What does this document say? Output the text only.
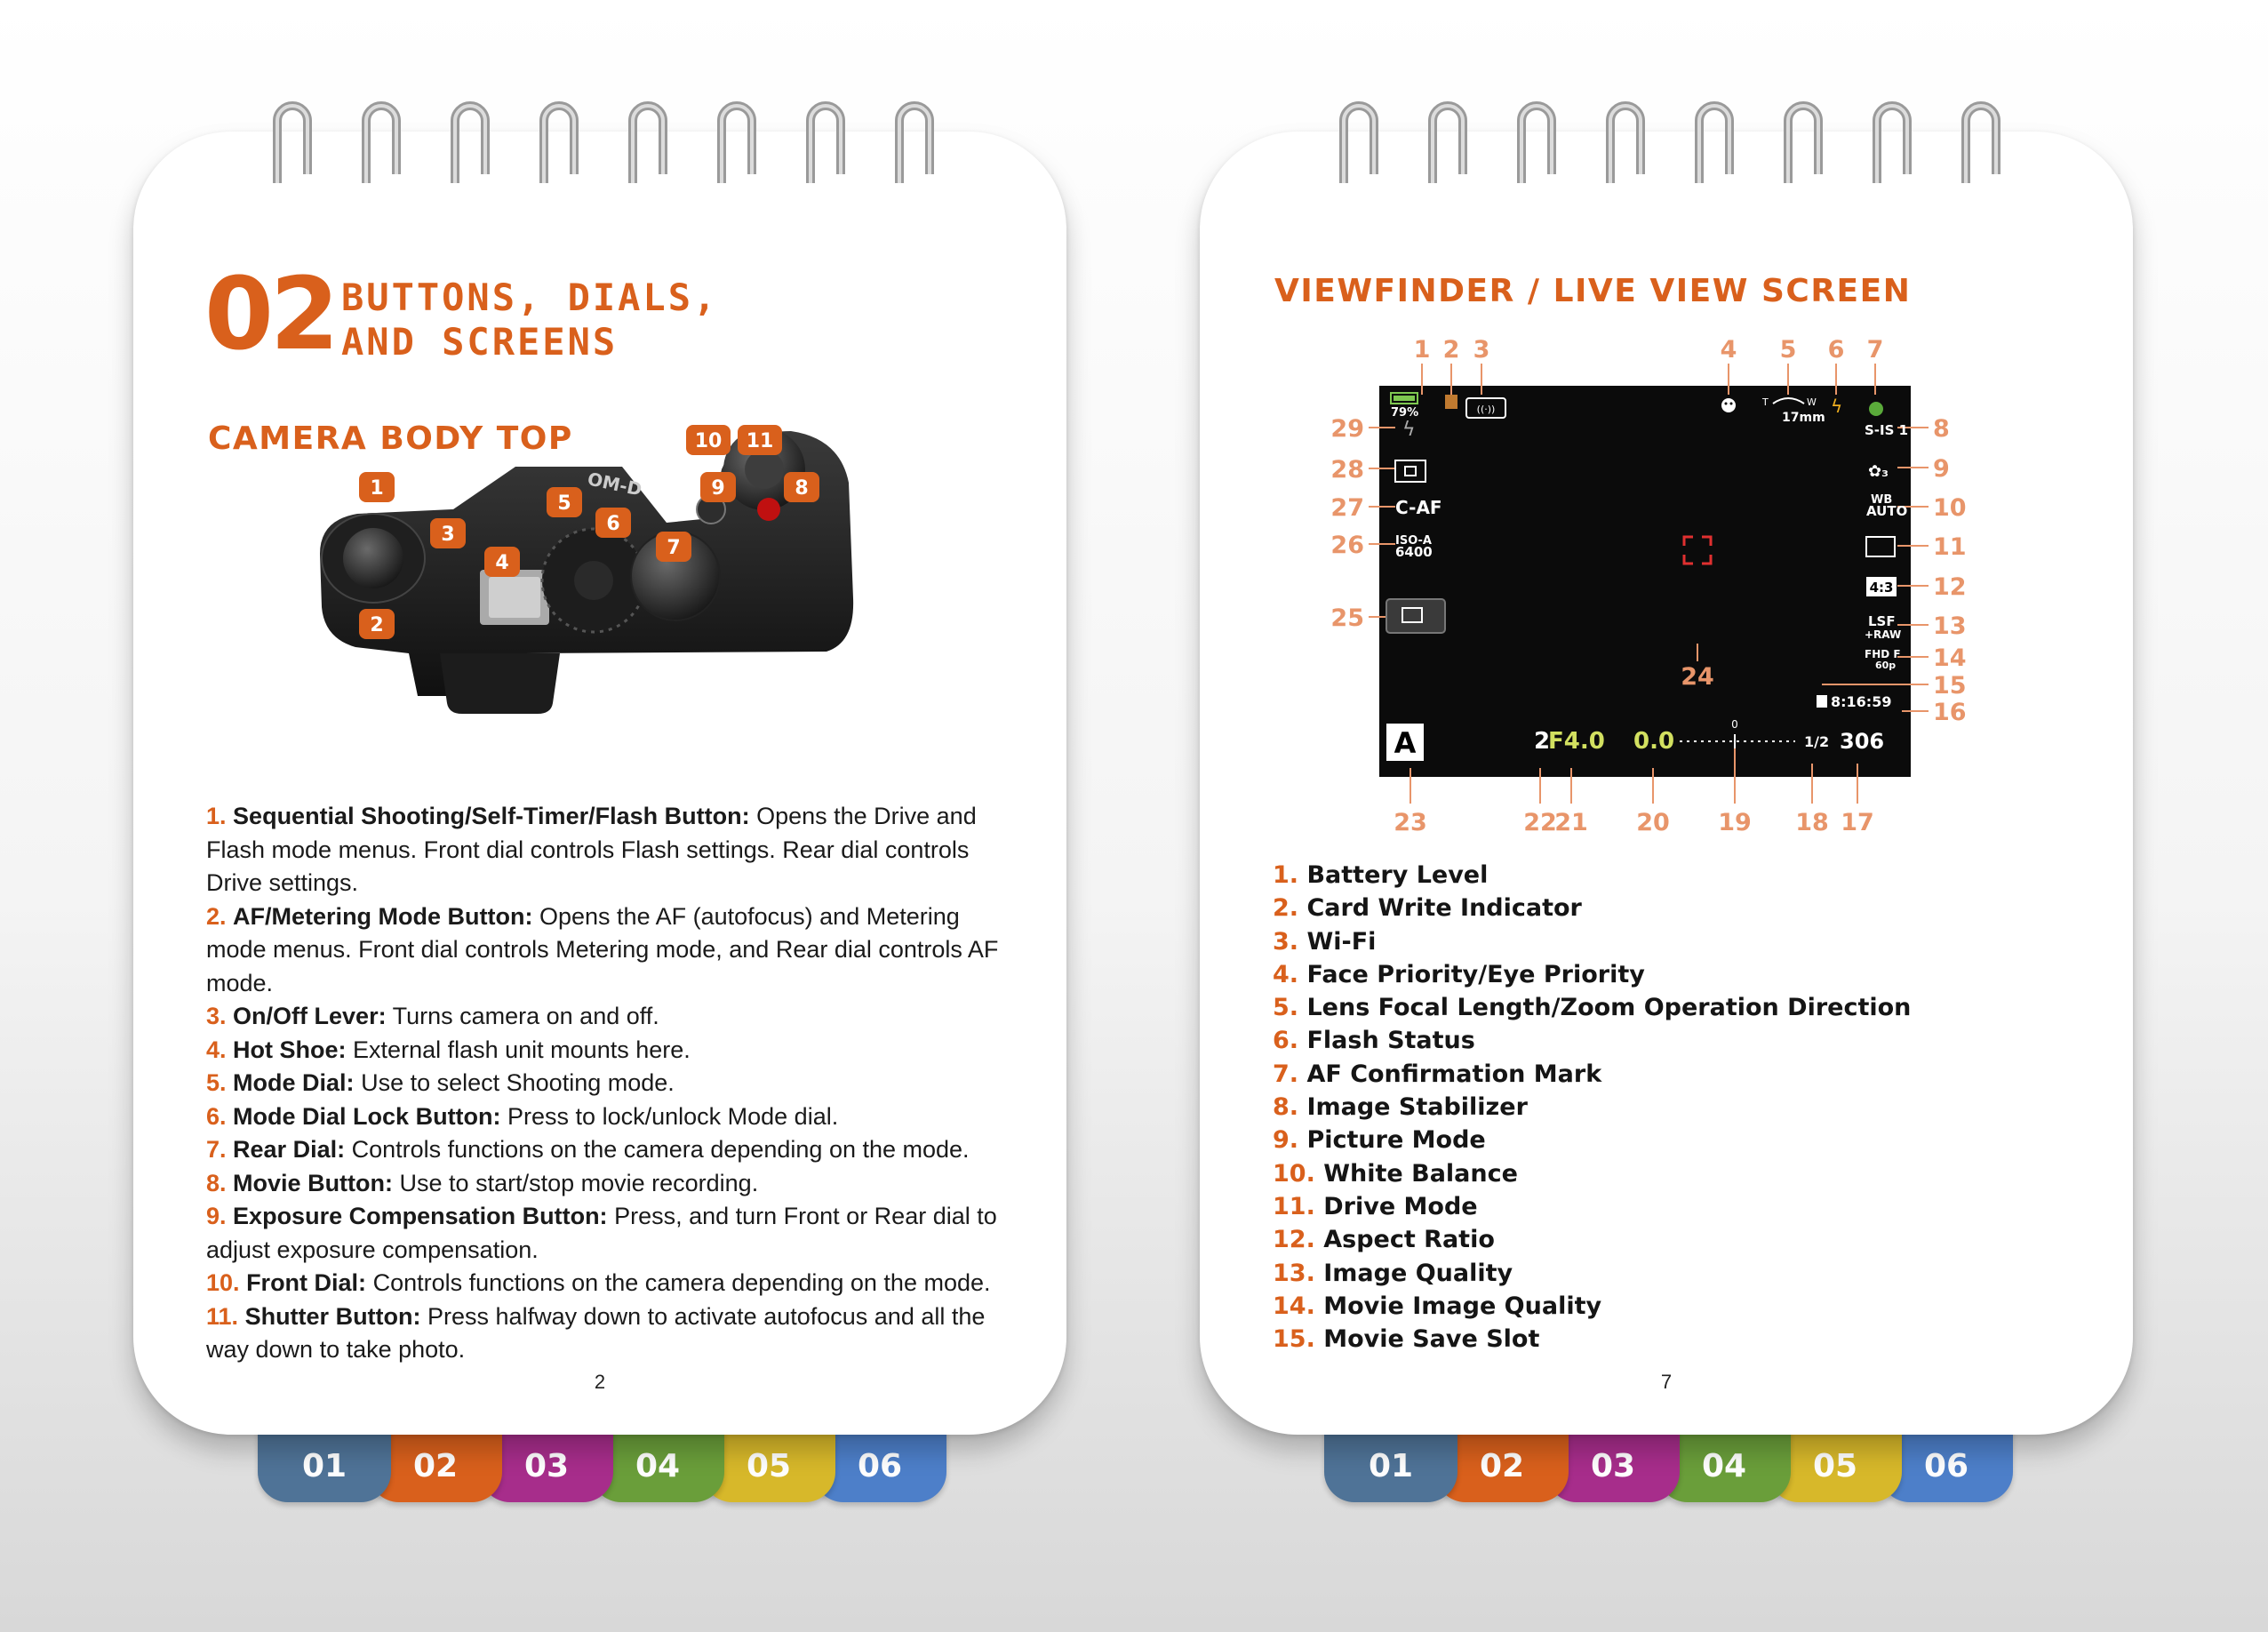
01	02	03	04	05	06	01	02	03	04	05	06
02 BUTTONS, DIALS,
AND SCREENS
CAMERA BODY TOP
OM-D
1
2
3
4
5
6
7
8
9
10 11

1. Sequential Shooting/Self-Timer/Flash Button: Opens the Drive and Flash mode menus. Front dial controls Flash settings. Rear dial controls Drive settings.

2. AF/Metering Mode Button: Opens the AF (autofocus) and Metering mode menus. Front dial controls Metering mode, and Rear dial controls AF mode.

3. On/Off Lever: Turns camera on and off.

4. Hot Shoe: External flash unit mounts here.

5. Mode Dial: Use to select Shooting mode.

6. Mode Dial Lock Button: Press to lock/unlock Mode dial.

7. Rear Dial: Controls functions on the camera depending on the mode.

8. Movie Button: Use to start/stop movie recording.

9. Exposure Compensation Button: Press, and turn Front or Rear dial to adjust exposure compensation.

10. Front Dial: Controls functions on the camera depending on the mode.

11. Shutter Button: Press halfway down to activate autofocus and all the way down to take photo.

2
VIEWFINDER / LIVE VIEW SCREEN
1 2 3	4 5 6 7
8
9
10
11
12
13
14
15
16
17
18
19
20
21
22
23
24
25
26
27
28
29
79%	((·))
T	W
17mm
ϟ
ϟ
C-AF
ISO-A
6400
A
S-IS 1
✿₃
WB
AUTO
4:3
LSF
+RAW
FHD F
60p
8:16:59
1/2 306
2
F4.0 0.0
0

1. Battery Level

2. Card Write Indicator

3. Wi-Fi

4. Face Priority/Eye Priority

5. Lens Focal Length/Zoom Operation Direction

6. Flash Status

7. AF Confirmation Mark

8. Image Stabilizer

9. Picture Mode

10. White Balance

11. Drive Mode

12. Aspect Ratio

13. Image Quality

14. Movie Image Quality

15. Movie Save Slot

7
